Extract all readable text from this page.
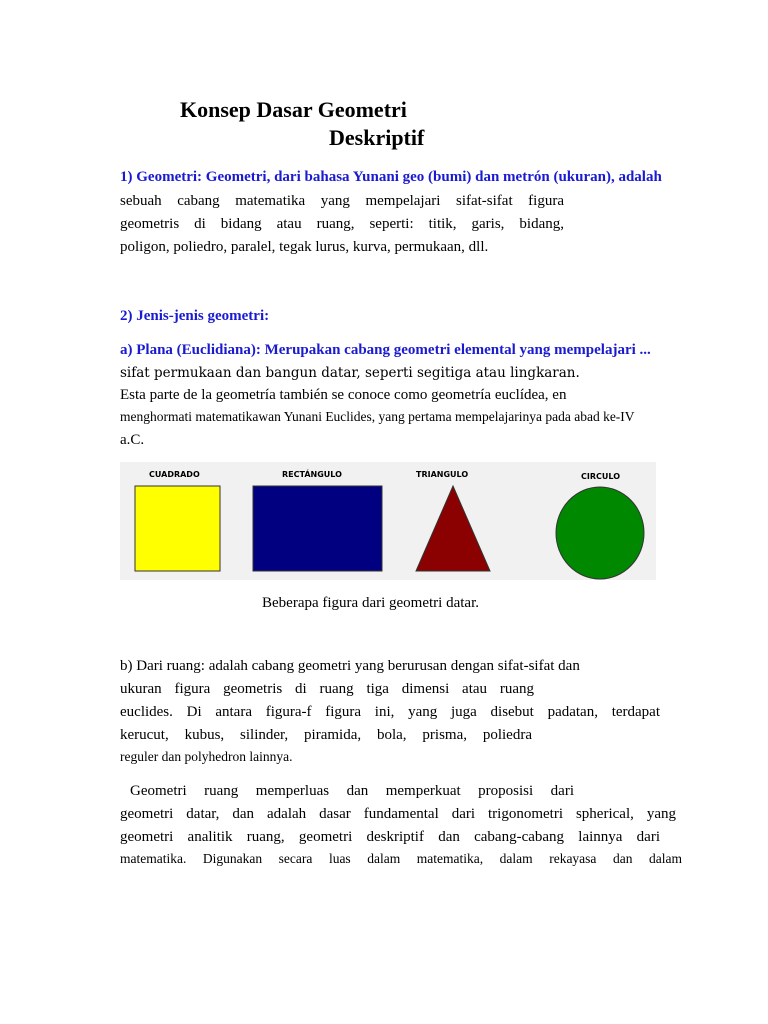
Konsep Dasar Geometri
Deskriptif
1) Geometri: Geometri, dari bahasa Yunani geo (bumi) dan metrón (ukuran), adalah
sebuah cabang matematika yang mempelajari sifat-sifat figura
geometris di bidang atau ruang, seperti: titik, garis, bidang,
poligon, poliedro, paralel, tegak lurus, kurva, permukaan, dll.
2) Jenis-jenis geometri:
a) Plana (Euclidiana): Merupakan cabang geometri elemental yang mempelajari ...
sifat permukaan dan bangun datar, seperti segitiga atau lingkaran.
Esta parte de la geometría también se conoce como geometría euclídea, en
menghormati matematikawan Yunani Euclides, yang pertama mempelajarinya pada abad ke-IV
a.C.
CUADRADO	RECTÁNGULO	TRIANGULO	CIRCULO
Beberapa figura dari geometri datar.
b) Dari ruang: adalah cabang geometri yang berurusan dengan sifat-sifat dan
ukuran figura geometris di ruang tiga dimensi atau ruang
euclides. Di antara figura-f figura ini, yang juga disebut padatan, terdapat
kerucut, kubus, silinder, piramida, bola, prisma, poliedra
reguler dan polyhedron lainnya.
Geometri ruang memperluas dan memperkuat proposisi dari
geometri datar, dan adalah dasar fundamental dari trigonometri spherical, yang
geometri analitik ruang, geometri deskriptif dan cabang-cabang lainnya dari
matematika. Digunakan secara luas dalam matematika, dalam rekayasa dan dalam
